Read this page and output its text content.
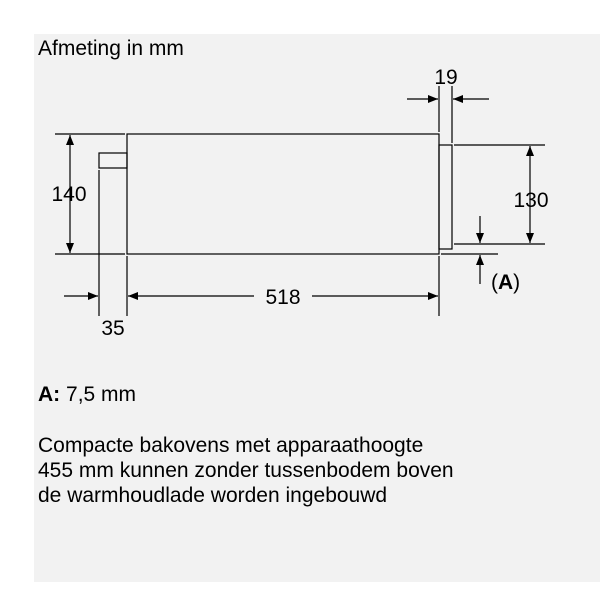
Afmeting in mm
19
140	130
518
35
(A)
A: 7,5 mm
Compacte bakovens met apparaathoogte
455 mm kunnen zonder tussenbodem boven
de warmhoudlade worden ingebouwd
